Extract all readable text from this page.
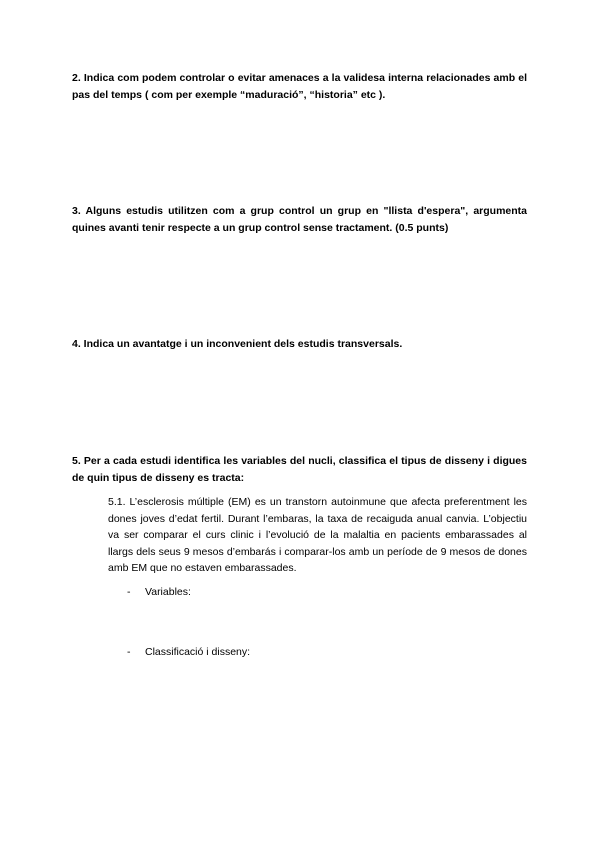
2. Indica com podem controlar o evitar amenaces a la validesa interna relacionades amb el pas del temps ( com per exemple “maduració”, “historia” etc ).

3. Alguns estudis utilitzen com a grup control un grup en "llista d'espera", argumenta quines avanti tenir respecte a un grup control sense tractament. (0.5 punts)

4. Indica un avantatge i un inconvenient dels estudis transversals.

5. Per a cada estudi identifica les variables del nucli, classifica el tipus de disseny i digues de quin tipus de disseny es tracta:

5.1. L’esclerosis múltiple (EM) es un transtorn autoinmune que afecta preferentment les dones joves d’edat fertil. Durant l’embaras, la taxa de recaiguda anual canvia. L’objectiu va ser comparar el curs clinic i l’evolució de la malaltia en pacients embarassades al llargs dels seus 9 mesos d’embarás i comparar-los amb un període de 9 mesos de dones amb EM que no estaven embarassades.

- Variables:

- Classificació i disseny:
